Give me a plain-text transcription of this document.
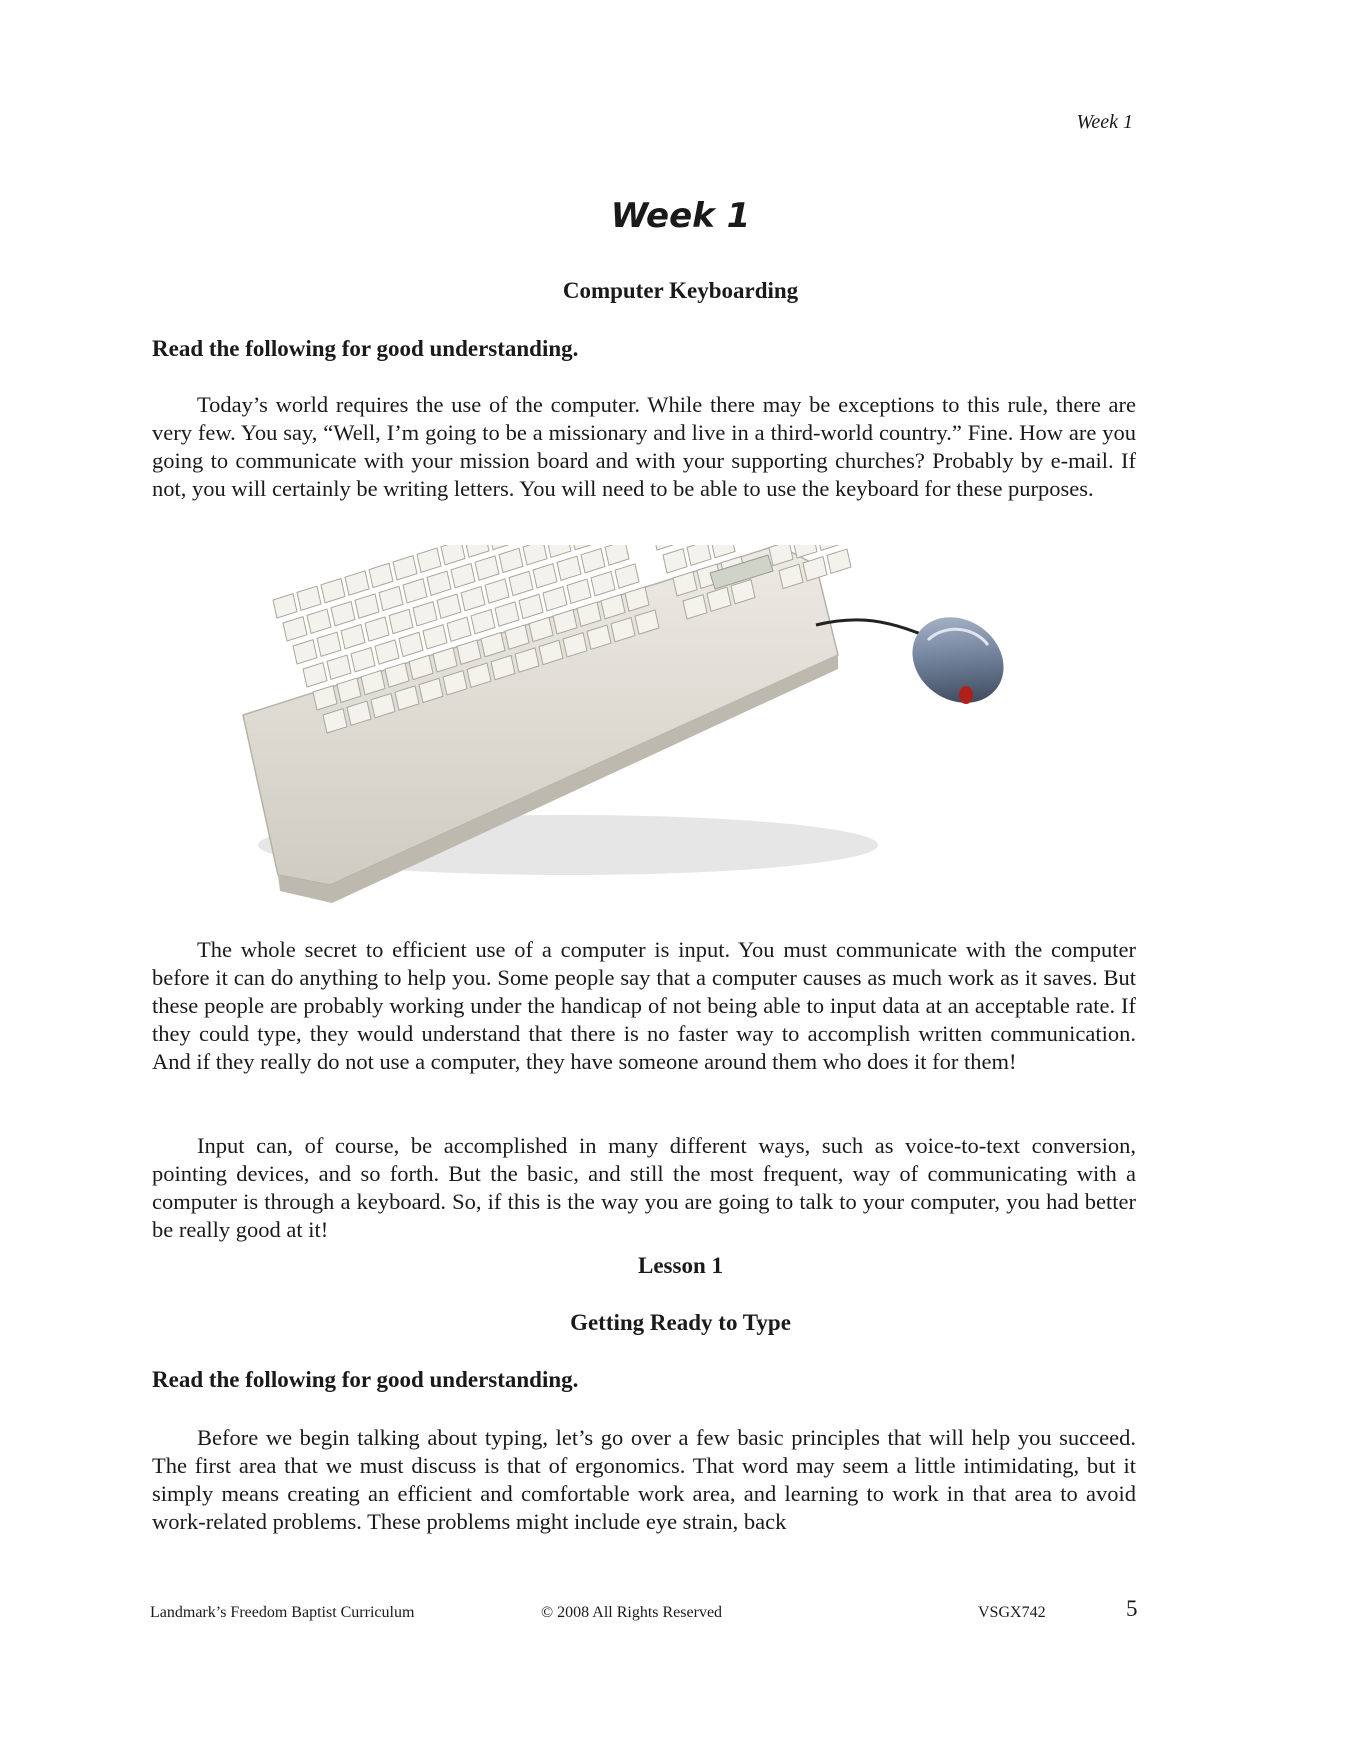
Week 1
Week 1
Computer Keyboarding
Read the following for good understanding.

Today’s world requires the use of the computer. While there may be exceptions to this rule, there are very few. You say, “Well, I’m going to be a missionary and live in a third-world country.” Fine. How are you going to communicate with your mission board and with your supporting churches? Probably by e-mail. If not, you will certainly be writing letters. You will need to be able to use the keyboard for these purposes.

The whole secret to efficient use of a computer is input. You must communicate with the computer before it can do anything to help you. Some people say that a computer causes as much work as it saves. But these people are probably working under the handicap of not being able to input data at an acceptable rate. If they could type, they would understand that there is no faster way to accomplish written communication. And if they really do not use a computer, they have someone around them who does it for them!

Input can, of course, be accomplished in many different ways, such as voice-to-text conversion, pointing devices, and so forth. But the basic, and still the most frequent, way of communicating with a computer is through a keyboard. So, if this is the way you are going to talk to your computer, you had better be really good at it!

Lesson 1
Getting Ready to Type
Read the following for good understanding.

Before we begin talking about typing, let’s go over a few basic principles that will help you succeed. The first area that we must discuss is that of ergonomics. That word may seem a little intimidating, but it simply means creating an efficient and comfortable work area, and learning to work in that area to avoid work-related problems. These problems might include eye strain, back

Landmark’s Freedom Baptist Curriculum	© 2008 All Rights Reserved	VSGX742	5
